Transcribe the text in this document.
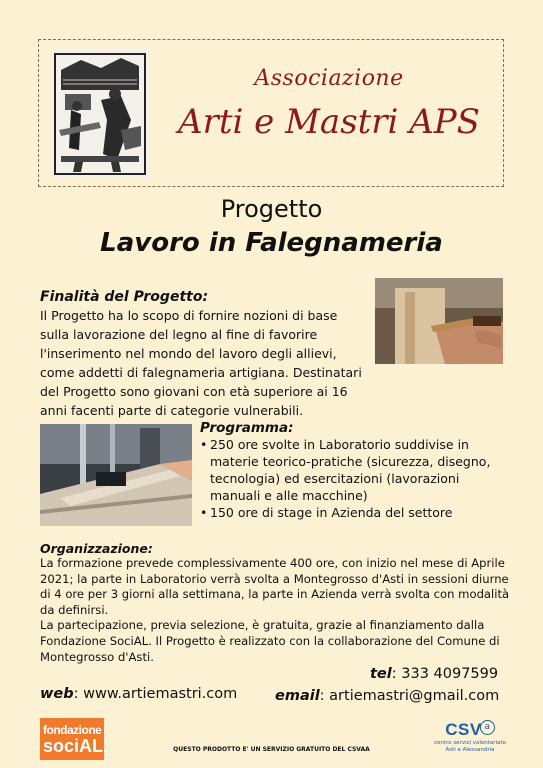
Associazione
Arti e Mastri APS
Progetto
Lavoro in Falegnameria
Finalità del Progetto:

Il Progetto ha lo scopo di fornire nozioni di base sulla lavorazione del legno al fine di favorire l'inserimento nel mondo del lavoro degli allievi, come addetti di falegnameria artigiana. Destinatari del Progetto sono giovani con età superiore ai 16 anni facenti parte di categorie vulnerabili.

Programma:
• 250 ore svolte in Laboratorio suddivise in materie teorico-pratiche (sicurezza, disegno, tecnologia) ed esercitazioni (lavorazioni manuali e alle macchine)
• 150 ore di stage in Azienda del settore
Organizzazione:

La formazione prevede complessivamente 400 ore, con inizio nel mese di Aprile 2021; la parte in Laboratorio verrà svolta a Montegrosso d'Asti in sessioni diurne di 4 ore per 3 giorni alla settimana, la parte in Azienda verrà svolta con modalità da definirsi.

La partecipazione, previa selezione, è gratuita, grazie al finanziamento dalla Fondazione SociAL. Il Progetto è realizzato con la collaborazione del Comune di Montegrosso d'Asti.

tel: 333 4097599
web: www.artiemastri.com	email: artiemastri@gmail.com
fondazione
sociAL	QUESTO PRODOTTO E' UN SERVIZIO GRATUITO DEL CSVAA
CSV a
centro servizi volontariato
Asti e Alessandria
